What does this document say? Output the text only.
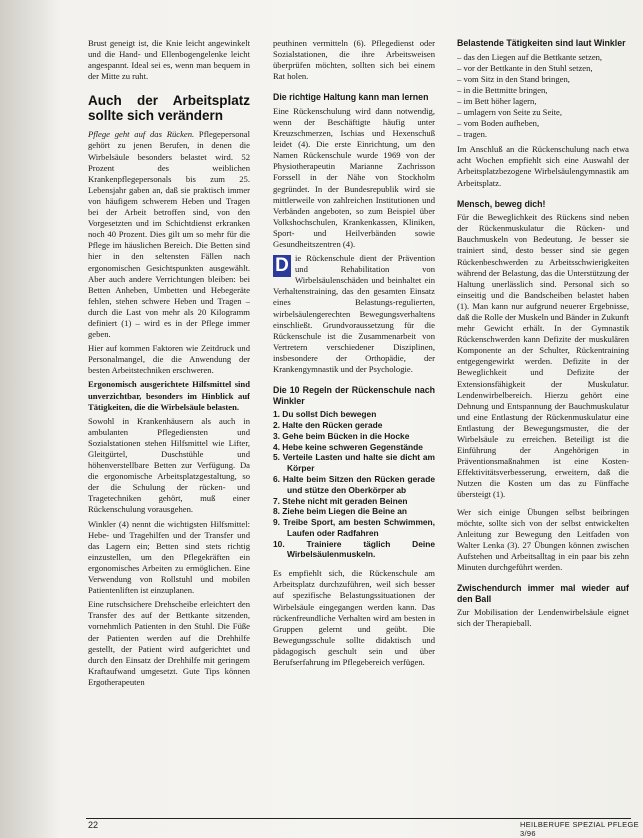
Brust geneigt ist, die Knie leicht angewinkelt und die Hand- und Ellenbogengelenke leicht angespannt. Ideal sei es, wenn man bequem in der Mitte zu ruht.

Auch der Arbeitsplatz sollte sich verändern

Pflege geht auf das Rücken. Pflegepersonal gehört zu jenen Berufen, in denen die Wirbelsäule besonders belastet wird. 52 Prozent des weiblichen Krankenpflegepersonals bis zum 25. Lebensjahr gaben an, daß sie praktisch immer von häufigem schwerem Heben und Tragen bei der Arbeit betroffen sind, von den Vorgesetzten und im Schichtdienst erkranken noch 40 Prozent. Dies gilt um so mehr für die Pflege im häuslichen Bereich. Die Betten sind hier in den seltensten Fällen nach ergonomischen Gesichtspunkten ausgewählt. Aber auch andere Verrichtungen bleiben: bei Betten Anheben, Umbetten und Hebegeräte fehlen, stehen schwere Heben und Tragen – durch die Last von mehr als 20 Kilogramm definiert (1) – wird es in der Pflege immer geben.

Hier auf kommen Faktoren wie Zeitdruck und Personalmangel, die die Anwendung der besten Arbeitstechniken erschweren.

Ergonomisch ausgerichtete Hilfsmittel sind unverzichtbar, besonders im Hinblick auf Tätigkeiten, die die Wirbelsäule belasten.

Sowohl in Krankenhäusern als auch in ambulanten Pflegediensten und Sozialstationen stehen Hilfsmittel wie Lifter, Gleitgürtel, Duschstühle und höhenverstellbare Betten zur Verfügung. Da die ergonomische Arbeitsplatzgestaltung, so der die Schulung der rücken- und Tragetechniken gehört, muß einer Rückenschulung vorausgehen.

Winkler (4) nennt die wichtigsten Hilfsmittel: Hebe- und Tragehilfen und der Transfer und das Lagern ein; Betten sind stets richtig einzustellen, um den Pflegekräften ein ergonomisches Arbeiten zu ermöglichen. Eine Verwendung von Rollstuhl und mobilen Patientenliften ist einzuplanen.

Eine rutschsichere Drehscheibe erleichtert den Transfer des auf der Bettkante sitzenden, vornehmlich Patienten in den Stuhl. Die Füße der Patienten werden auf die Drehhilfe gestellt, der Patient wird aufgerichtet und durch den Einsatz der Drehhilfe mit geringem Kraftaufwand umgesetzt. Gute Tips können Ergotherapeuten

peuthinen vermitteln (6). Pflegedienst oder Sozialstationen, die ihre Arbeitsweisen überprüfen möchten, sollten sich bei einem Rat holen.

Die richtige Haltung kann man lernen

Eine Rückenschulung wird dann notwendig, wenn der Beschäftigte häufig unter Kreuzschmerzen, Ischias und Hexenschuß leidet (4). Die erste Einrichtung, um den Namen Rückenschule wurde 1969 von der Physiotherapeutin Marianne Zachrisson Forssell in der Nähe von Stockholm gegründet. In der Bundesrepublik wird sie mittlerweile von zahlreichen Institutionen und Verbänden angeboten, so zum Beispiel über Volkshochschulen, Krankenkassen, Kliniken, Sport- und Heilverbänden sowie Gesundheitszentren (4).

D ie Rückenschule dient der Prävention und Rehabilitation von Wirbelsäulenschäden und beinhaltet ein Verhaltenstraining, das den gesamten Einsatz eines Belastungs-regulierten, wirbelsäulengerechten Bewegungsverhaltens einschließt. Grundvoraussetzung für die Rückenschule ist die Zusammenarbeit von Vertretern verschiedener Disziplinen, insbesondere der Orthopädie, der Krankengymnastik und der Psychologie.

Die 10 Regeln der Rückenschule nach Winkler
1. Du sollst Dich bewegen
2. Halte den Rücken gerade
3. Gehe beim Bücken in die Hocke
4. Hebe keine schweren Gegenstände
5. Verteile Lasten und halte sie dicht am Körper
6. Halte beim Sitzen den Rücken gerade und stütze den Oberkörper ab
7. Stehe nicht mit geraden Beinen
8. Ziehe beim Liegen die Beine an
9. Treibe Sport, am besten Schwimmen, Laufen oder Radfahren
10. Trainiere täglich Deine Wirbelsäulenmuskeln.

Es empfiehlt sich, die Rückenschule am Arbeitsplatz durchzuführen, weil sich besser auf spezifische Belastungssituationen der Wirbelsäule eingegangen werden kann. Das rückenfreundliche Verhalten wird am besten in Gruppen gelernt und geübt. Die Bewegungsschule sollte didaktisch und pädagogisch geschult sein und über Berufserfahrung im Pflegebereich verfügen.

Belastende Tätigkeiten sind laut Winkler
– das den Liegen auf die Bettkante setzen,
– vor der Bettkante in den Stuhl setzen,
– vom Sitz in den Stand bringen,
– in die Bettmitte bringen,
– im Bett höher lagern,
– umlagern von Seite zu Seite,
– vom Boden aufheben,
– tragen.

Im Anschluß an die Rückenschulung nach etwa acht Wochen empfiehlt sich eine Auswahl der Arbeitsplatzbezogene Wirbelsäulengymnastik am Arbeitsplatz.

Mensch, beweg dich!

Für die Beweglichkeit des Rückens sind neben der Rückenmuskulatur die Rücken- und Bauchmuskeln von Bedeutung. Je besser sie trainiert sind, desto besser sind sie gegen Rückenbeschwerden zu Arbeitsschwierigkeiten während der Belastung, das die Unterstützung der Haltung unerlässlich sind. Personal sich so einseitig und die Bandscheiben belastet haben (1). Man kann nur aufgrund neuerer Ergebnisse, daß die Rolle der Muskeln und Bänder in Zukunft mehr Gewicht erhält. In der Gymnastik Rückenschwerden kann Defizite der muskulären Komponente an der Schulter, Rückentraining entgegengewirkt werden. Defizite in der Beweglichkeit und Defizite der Extensionsfähigkeit der Muskulatur. Lendenwirbelbereich. Hierzu gehört eine Dehnung und Entspannung der Bauchmuskulatur und eine Entlastung der Rückenmuskulatur eine Entlastung der Bewegungsmuster, die der Wirbelsäule zu erreichen. Beteiligt ist die Einführung der Angehörigen in Präventionsmaßnahmen ist eine Kosten-Effektivitätsverbesserung, erweitern, daß die Nutzen die Kosten um das zu Fünffache übersteigt (1).

Wer sich einige Übungen selbst beibringen möchte, sollte sich von der selbst entwickelten Anleitung zur Bewegung den Leitfaden von Walter Lenka (3). 27 Übungen können zwischen Aufstehen und Arbeitsalltag in ein paar bis zehn Minuten durchgeführt werden.

Zwischendurch immer mal wieder auf den Ball

Zur Mobilisation der Lendenwirbelsäule eignet sich der Therapieball.

22	HEILBERUFE SPEZIAL PFLEGE 3/96
